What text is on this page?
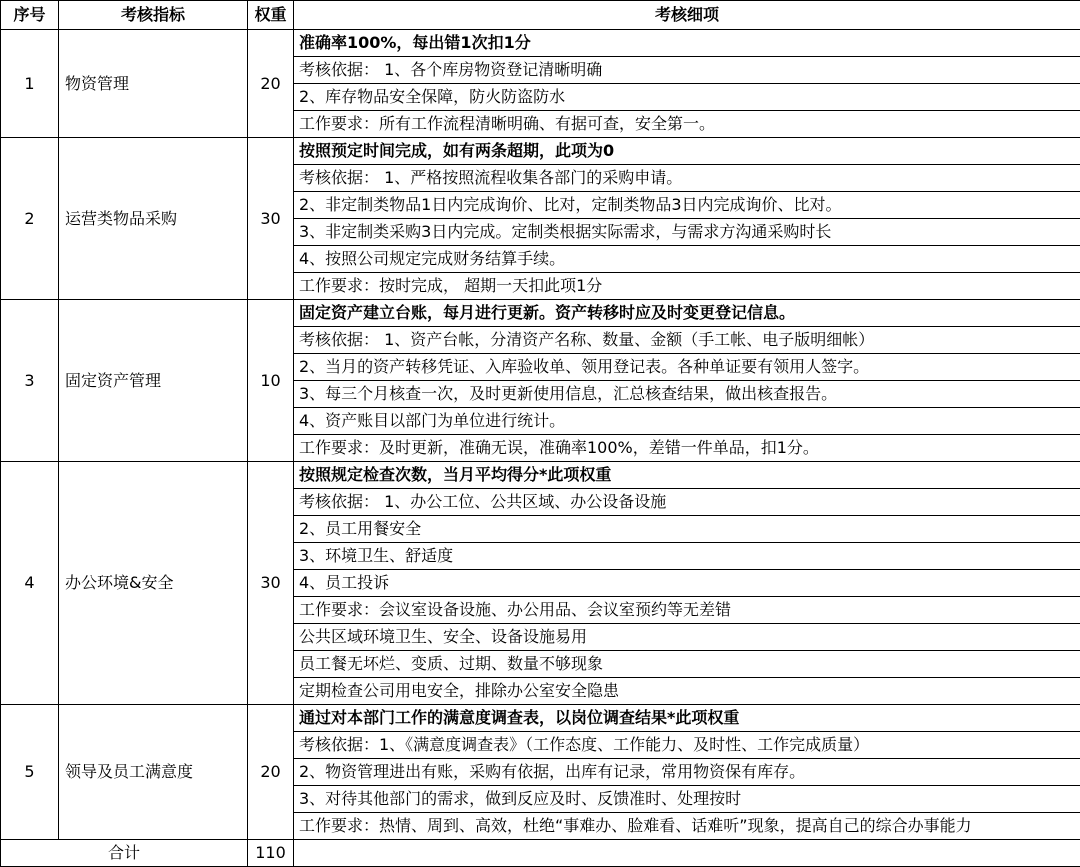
序号	考核指标	权重	考核细项
1	物资管理	20	准确率100%，每出错1次扣1分
			考核依据： 1、各个库房物资登记清晰明确
			2、库存物品安全保障，防火防盗防水
			工作要求：所有工作流程清晰明确、有据可查，安全第一。
2	运营类物品采购	30	按照预定时间完成，如有两条超期，此项为0
			考核依据： 1、严格按照流程收集各部门的采购申请。
			2、非定制类物品1日内完成询价、比对，定制类物品3日内完成询价、比对。
			3、非定制类采购3日内完成。定制类根据实际需求，与需求方沟通采购时长
			4、按照公司规定完成财务结算手续。
			工作要求：按时完成， 超期一天扣此项1分
3	固定资产管理	10	固定资产建立台账，每月进行更新。资产转移时应及时变更登记信息。
			考核依据： 1、资产台帐，分清资产名称、数量、金额（手工帐、电子版明细帐）
			2、当月的资产转移凭证、入库验收单、领用登记表。各种单证要有领用人签字。
			3、每三个月核查一次，及时更新使用信息，汇总核查结果，做出核查报告。
			4、资产账目以部门为单位进行统计。
			工作要求：及时更新，准确无误，准确率100%，差错一件单品，扣1分。
4	办公环境&安全	30	按照规定检查次数，当月平均得分*此项权重
			考核依据： 1、办公工位、公共区域、办公设备设施
			2、员工用餐安全
			3、环境卫生、舒适度
			4、员工投诉
			工作要求：会议室设备设施、办公用品、会议室预约等无差错
			公共区域环境卫生、安全、设备设施易用
			员工餐无坏烂、变质、过期、数量不够现象
			定期检查公司用电安全，排除办公室安全隐患
5	领导及员工满意度	20	通过对本部门工作的满意度调查表，以岗位调查结果*此项权重
			考核依据：1、《满意度调查表》（工作态度、工作能力、及时性、工作完成质量）
			2、物资管理进出有账，采购有依据，出库有记录，常用物资保有库存。
			3、对待其他部门的需求，做到反应及时、反馈准时、处理按时
			工作要求：热情、周到、高效，杜绝“事难办、脸难看、话难听”现象，提高自己的综合办事能力
合计		110	
